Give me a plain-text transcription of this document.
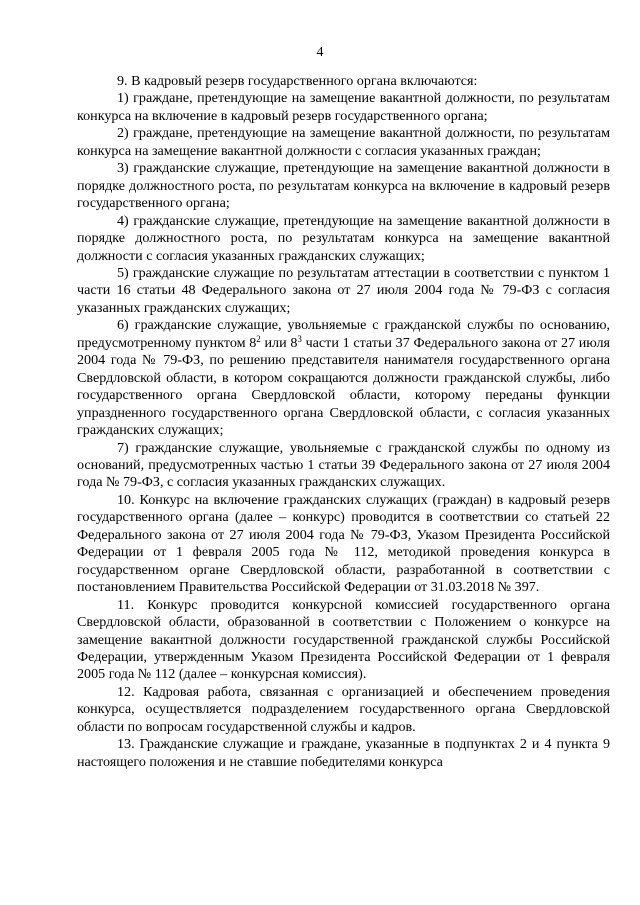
4

9. В кадровый резерв государственного органа включаются:

1) граждане, претендующие на замещение вакантной должности, по результатам конкурса на включение в кадровый резерв государственного органа;

2) граждане, претендующие на замещение вакантной должности, по результатам конкурса на замещение вакантной должности с согласия указанных граждан;

3) гражданские служащие, претендующие на замещение вакантной должности в порядке должностного роста, по результатам конкурса на включение в кадровый резерв государственного органа;

4) гражданские служащие, претендующие на замещение вакантной должности в порядке должностного роста, по результатам конкурса на замещение вакантной должности с согласия указанных гражданских служащих;

5) гражданские служащие по результатам аттестации в соответствии с пунктом 1 части 16 статьи 48 Федерального закона от 27 июля 2004 года № 79-ФЗ с согласия указанных гражданских служащих;

6) гражданские служащие, увольняемые с гражданской службы по основанию, предусмотренному пунктом $8^2$ или $8^3$ части 1 статьи 37 Федерального закона от 27 июля 2004 года № 79-ФЗ, по решению представителя нанимателя государственного органа Свердловской области, в котором сокращаются должности гражданской службы, либо государственного органа Свердловской области, которому переданы функции упраздненного государственного органа Свердловской области, с согласия указанных гражданских служащих;

7) гражданские служащие, увольняемые с гражданской службы по одному из оснований, предусмотренных частью 1 статьи 39 Федерального закона от 27 июля 2004 года № 79-ФЗ, с согласия указанных гражданских служащих.

10. Конкурс на включение гражданских служащих (граждан) в кадровый резерв государственного органа (далее – конкурс) проводится в соответствии со статьей 22 Федерального закона от 27 июля 2004 года № 79-ФЗ, Указом Президента Российской Федерации от 1 февраля 2005 года № 112, методикой проведения конкурса в государственном органе Свердловской области, разработанной в соответствии с постановлением Правительства Российской Федерации от 31.03.2018 № 397.

11. Конкурс проводится конкурсной комиссией государственного органа Свердловской области, образованной в соответствии с Положением о конкурсе на замещение вакантной должности государственной гражданской службы Российской Федерации, утвержденным Указом Президента Российской Федерации от 1 февраля 2005 года № 112 (далее – конкурсная комиссия).

12. Кадровая работа, связанная с организацией и обеспечением проведения конкурса, осуществляется подразделением государственного органа Свердловской области по вопросам государственной службы и кадров.

13. Гражданские служащие и граждане, указанные в подпунктах 2 и 4 пункта 9 настоящего положения и не ставшие победителями конкурса
